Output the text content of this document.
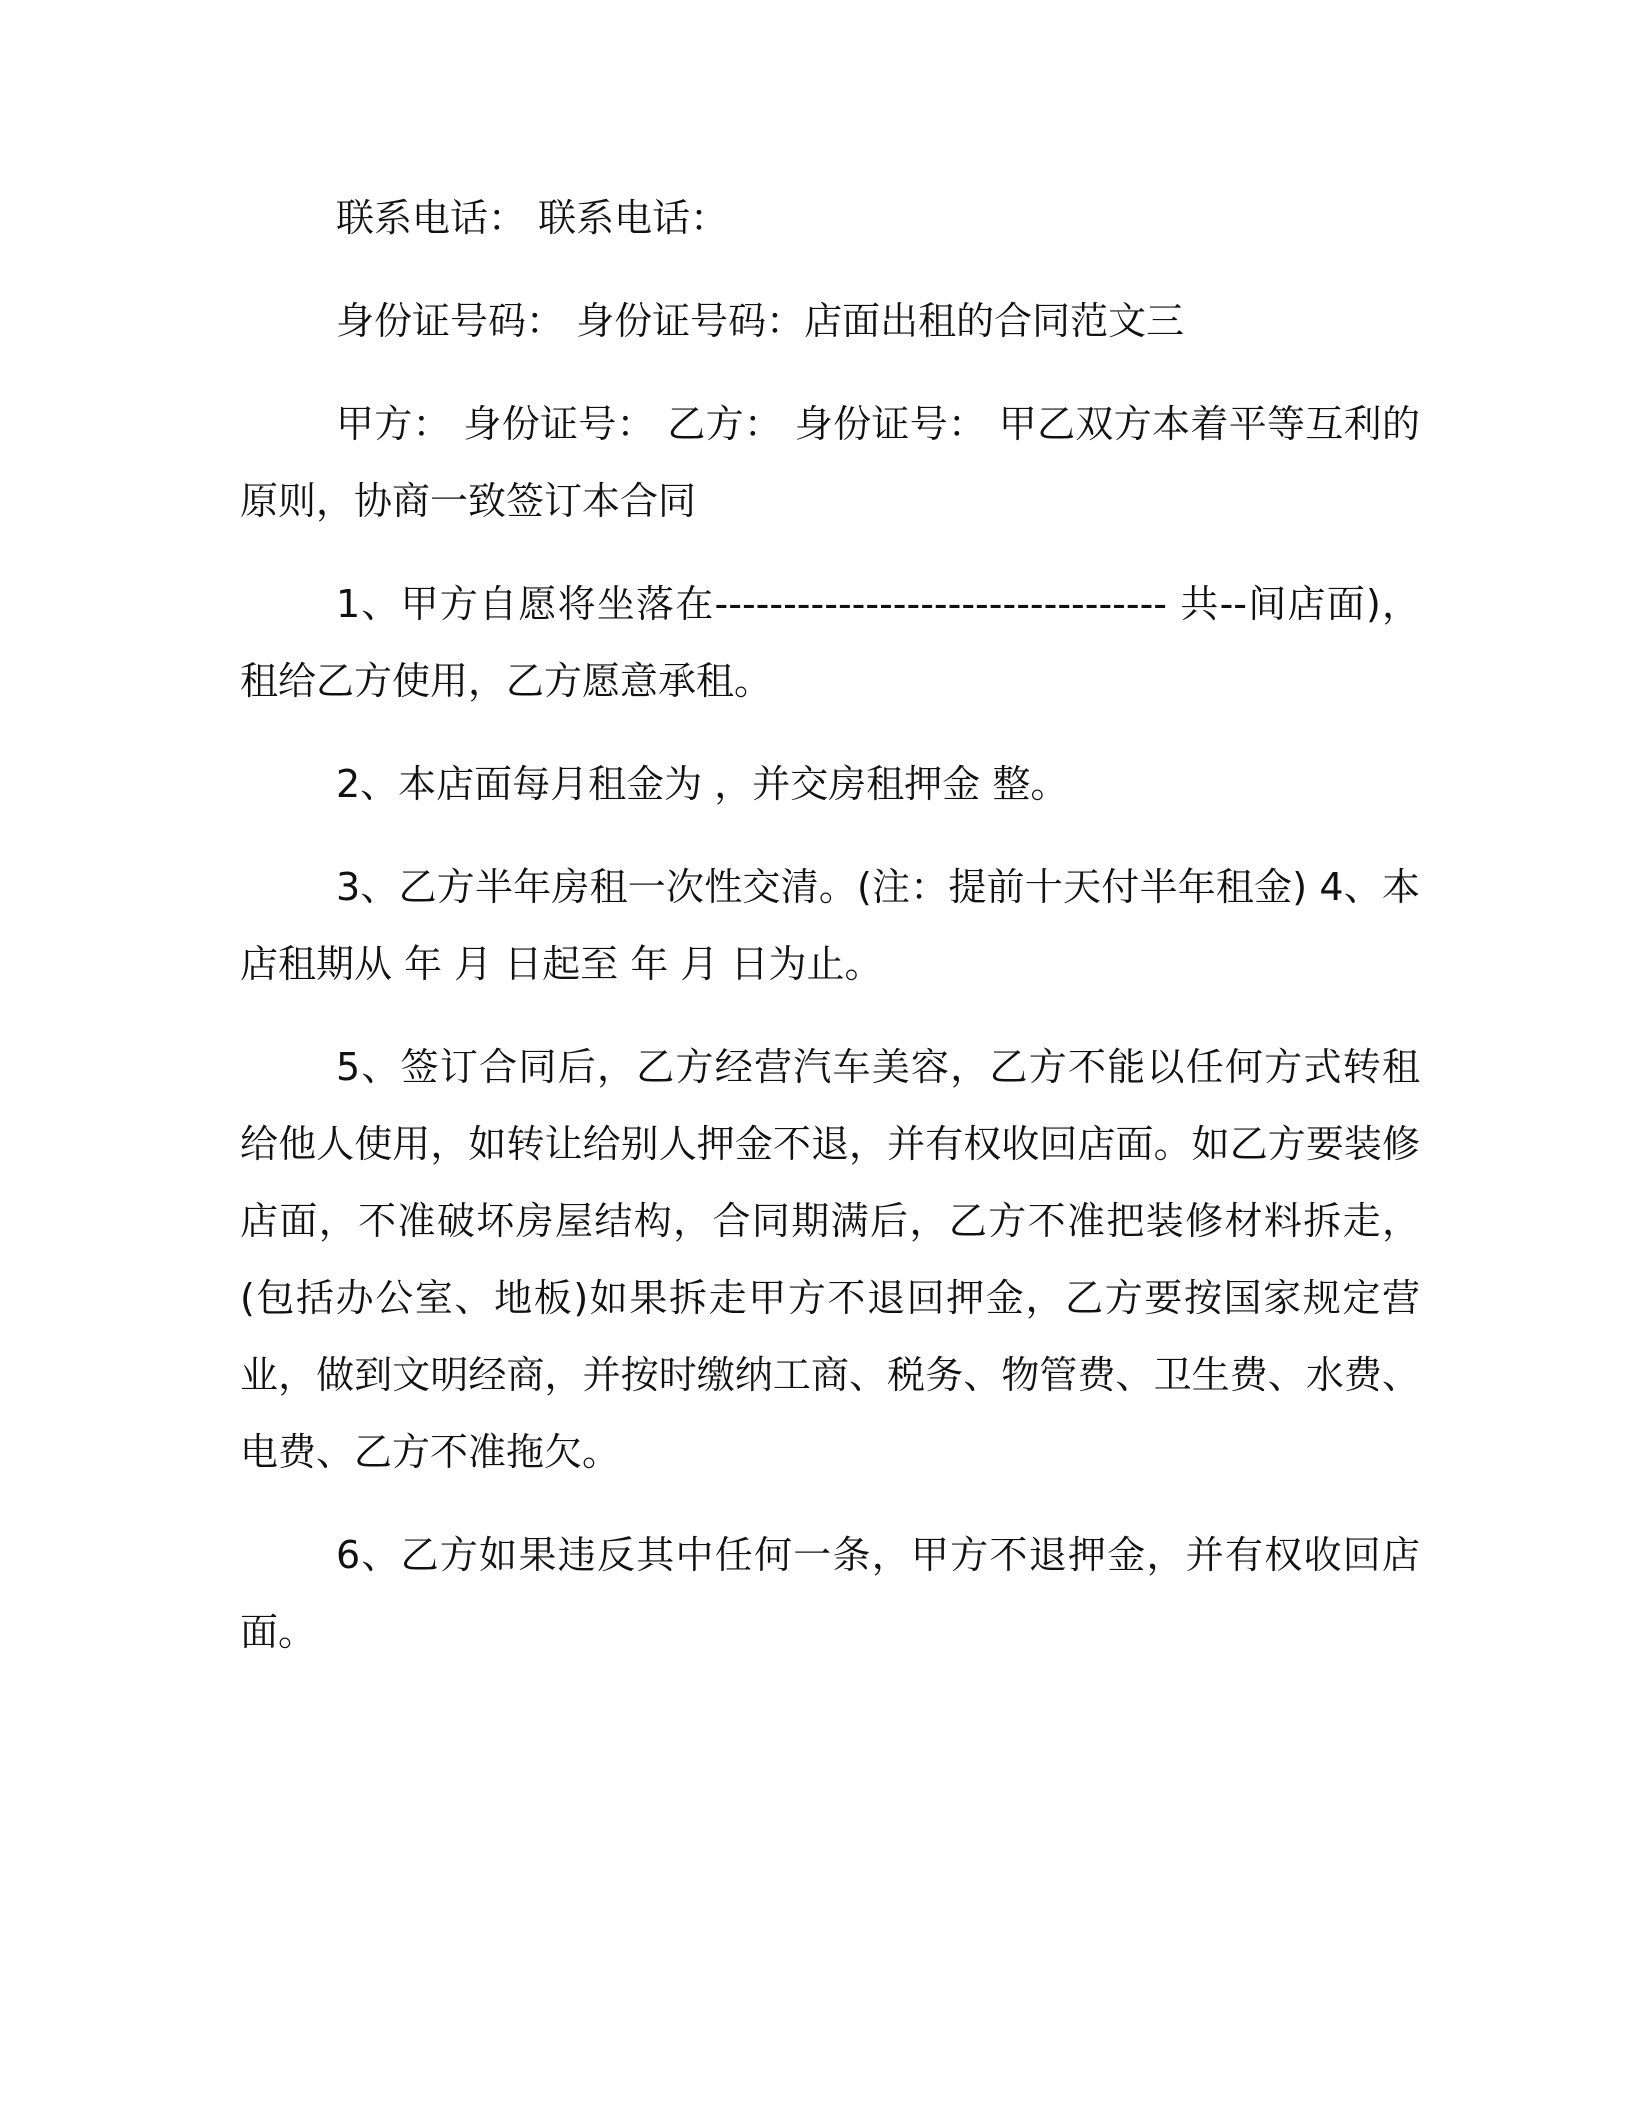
联系电话： 联系电话：

身份证号码： 身份证号码：店面出租的合同范文三

甲方： 身份证号： 乙方： 身份证号： 甲乙双方本着平等互利的原则，协商一致签订本合同

1、甲方自愿将坐落在--------------------------------- 共--间店面)，租给乙方使用，乙方愿意承租。

2、本店面每月租金为 ，并交房租押金 整。

3、乙方半年房租一次性交清。(注：提前十天付半年租金) 4、本店租期从 年 月 日起至 年 月 日为止。

5、签订合同后，乙方经营汽车美容，乙方不能以任何方式转租给他人使用，如转让给别人押金不退，并有权收回店面。如乙方要装修店面，不准破坏房屋结构，合同期满后，乙方不准把装修材料拆走，(包括办公室、地板)如果拆走甲方不退回押金，乙方要按国家规定营业，做到文明经商，并按时缴纳工商、税务、物管费、卫生费、水费、电费、乙方不准拖欠。

6、乙方如果违反其中任何一条，甲方不退押金，并有权收回店面。
